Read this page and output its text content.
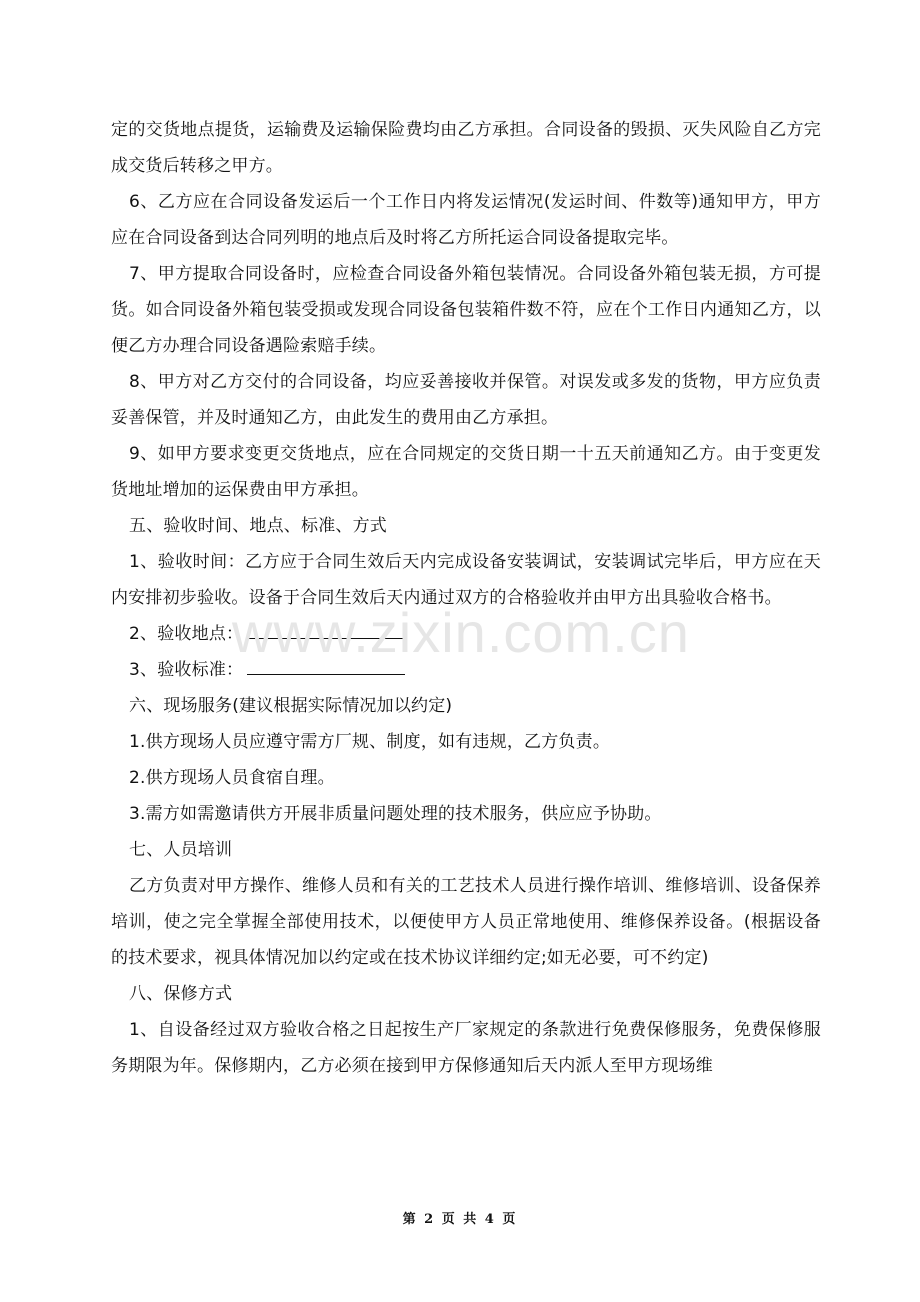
定的交货地点提货，运输费及运输保险费均由乙方承担。合同设备的毁损、灭失风险自乙方完成交货后转移之甲方。

6、乙方应在合同设备发运后一个工作日内将发运情况(发运时间、件数等)通知甲方，甲方应在合同设备到达合同列明的地点后及时将乙方所托运合同设备提取完毕。

7、甲方提取合同设备时，应检查合同设备外箱包装情况。合同设备外箱包装无损，方可提货。如合同设备外箱包装受损或发现合同设备包装箱件数不符，应在个工作日内通知乙方，以便乙方办理合同设备遇险索赔手续。

8、甲方对乙方交付的合同设备，均应妥善接收并保管。对误发或多发的货物，甲方应负责妥善保管，并及时通知乙方，由此发生的费用由乙方承担。

9、如甲方要求变更交货地点，应在合同规定的交货日期一十五天前通知乙方。由于变更发货地址增加的运保费由甲方承担。

五、验收时间、地点、标准、方式

1、验收时间：乙方应于合同生效后天内完成设备安装调试，安装调试完毕后，甲方应在天内安排初步验收。设备于合同生效后天内通过双方的合格验收并由甲方出具验收合格书。

2、验收地点：

3、验收标准：

六、现场服务(建议根据实际情况加以约定)

1.供方现场人员应遵守需方厂规、制度，如有违规，乙方负责。

2.供方现场人员食宿自理。

3.需方如需邀请供方开展非质量问题处理的技术服务，供应应予协助。

七、人员培训

乙方负责对甲方操作、维修人员和有关的工艺技术人员进行操作培训、维修培训、设备保养培训，使之完全掌握全部使用技术，以便使甲方人员正常地使用、维修保养设备。(根据设备的技术要求，视具体情况加以约定或在技术协议详细约定;如无必要，可不约定)

八、保修方式

1、自设备经过双方验收合格之日起按生产厂家规定的条款进行免费保修服务，免费保修服务期限为年。保修期内，乙方必须在接到甲方保修通知后天内派人至甲方现场维

www.zixin.com.cn
第 2 页 共 4 页
